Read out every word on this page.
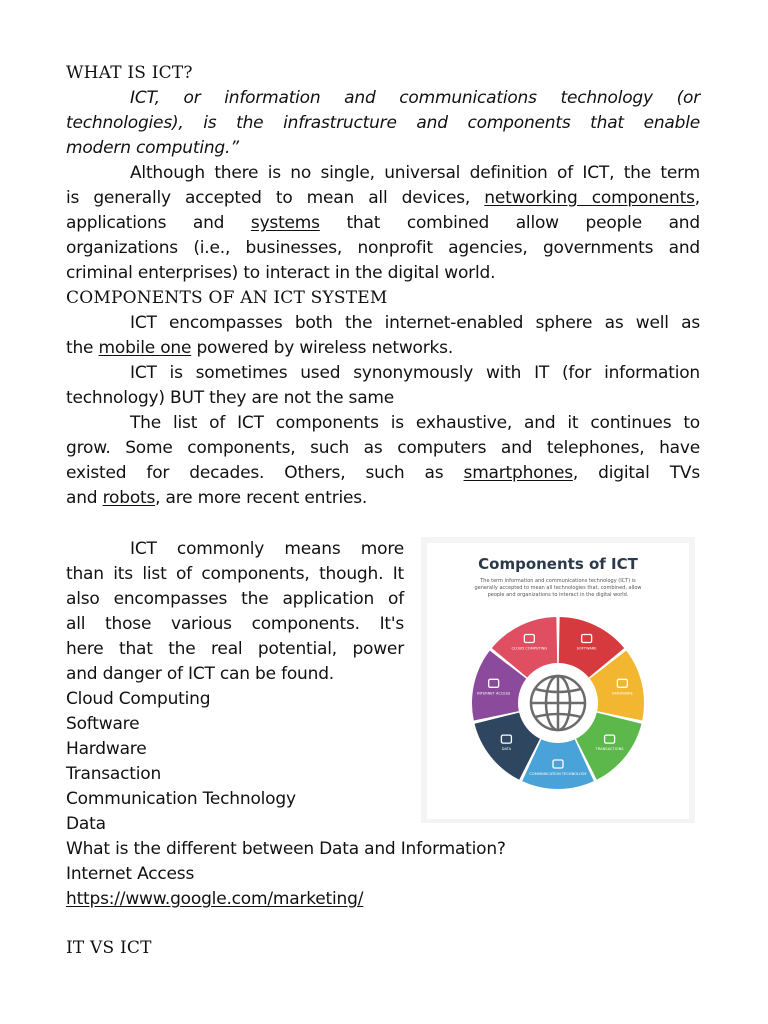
WHAT IS ICT?
ICT, or information and communications technology (or
technologies), is the infrastructure and components that enable
modern computing.”
Although there is no single, universal definition of ICT, the term
is generally accepted to mean all devices, networking components,
applications and systems that combined allow people and
organizations (i.e., businesses, nonprofit agencies, governments and
criminal enterprises) to interact in the digital world.
COMPONENTS OF AN ICT SYSTEM
ICT encompasses both the internet-enabled sphere as well as
the mobile one powered by wireless networks.
ICT is sometimes used synonymously with IT (for information
technology) BUT they are not the same
The list of ICT components is exhaustive, and it continues to
grow. Some components, such as computers and telephones, have
existed for decades. Others, such as smartphones, digital TVs
and robots, are more recent entries.
ICT commonly means more
than its list of components, though. It
also encompasses the application of
all those various components. It's
here that the real potential, power
and danger of ICT can be found.
Cloud Computing
Software
Hardware
Transaction
Communication Technology
Data
What is the different between Data and Information?
Internet Access
https://www.google.com/marketing/
IT VS ICT
Components of ICT
The term information and communications technology (ICT) is
generally accepted to mean all technologies that, combined, allow
people and organizations to interact in the digital world.
CLOUD COMPUTING	SOFTWARE
HARDWARE
TRANSACTIONS
COMMUNICATION TECHNOLOGY
DATA
INTERNET ACCESS
